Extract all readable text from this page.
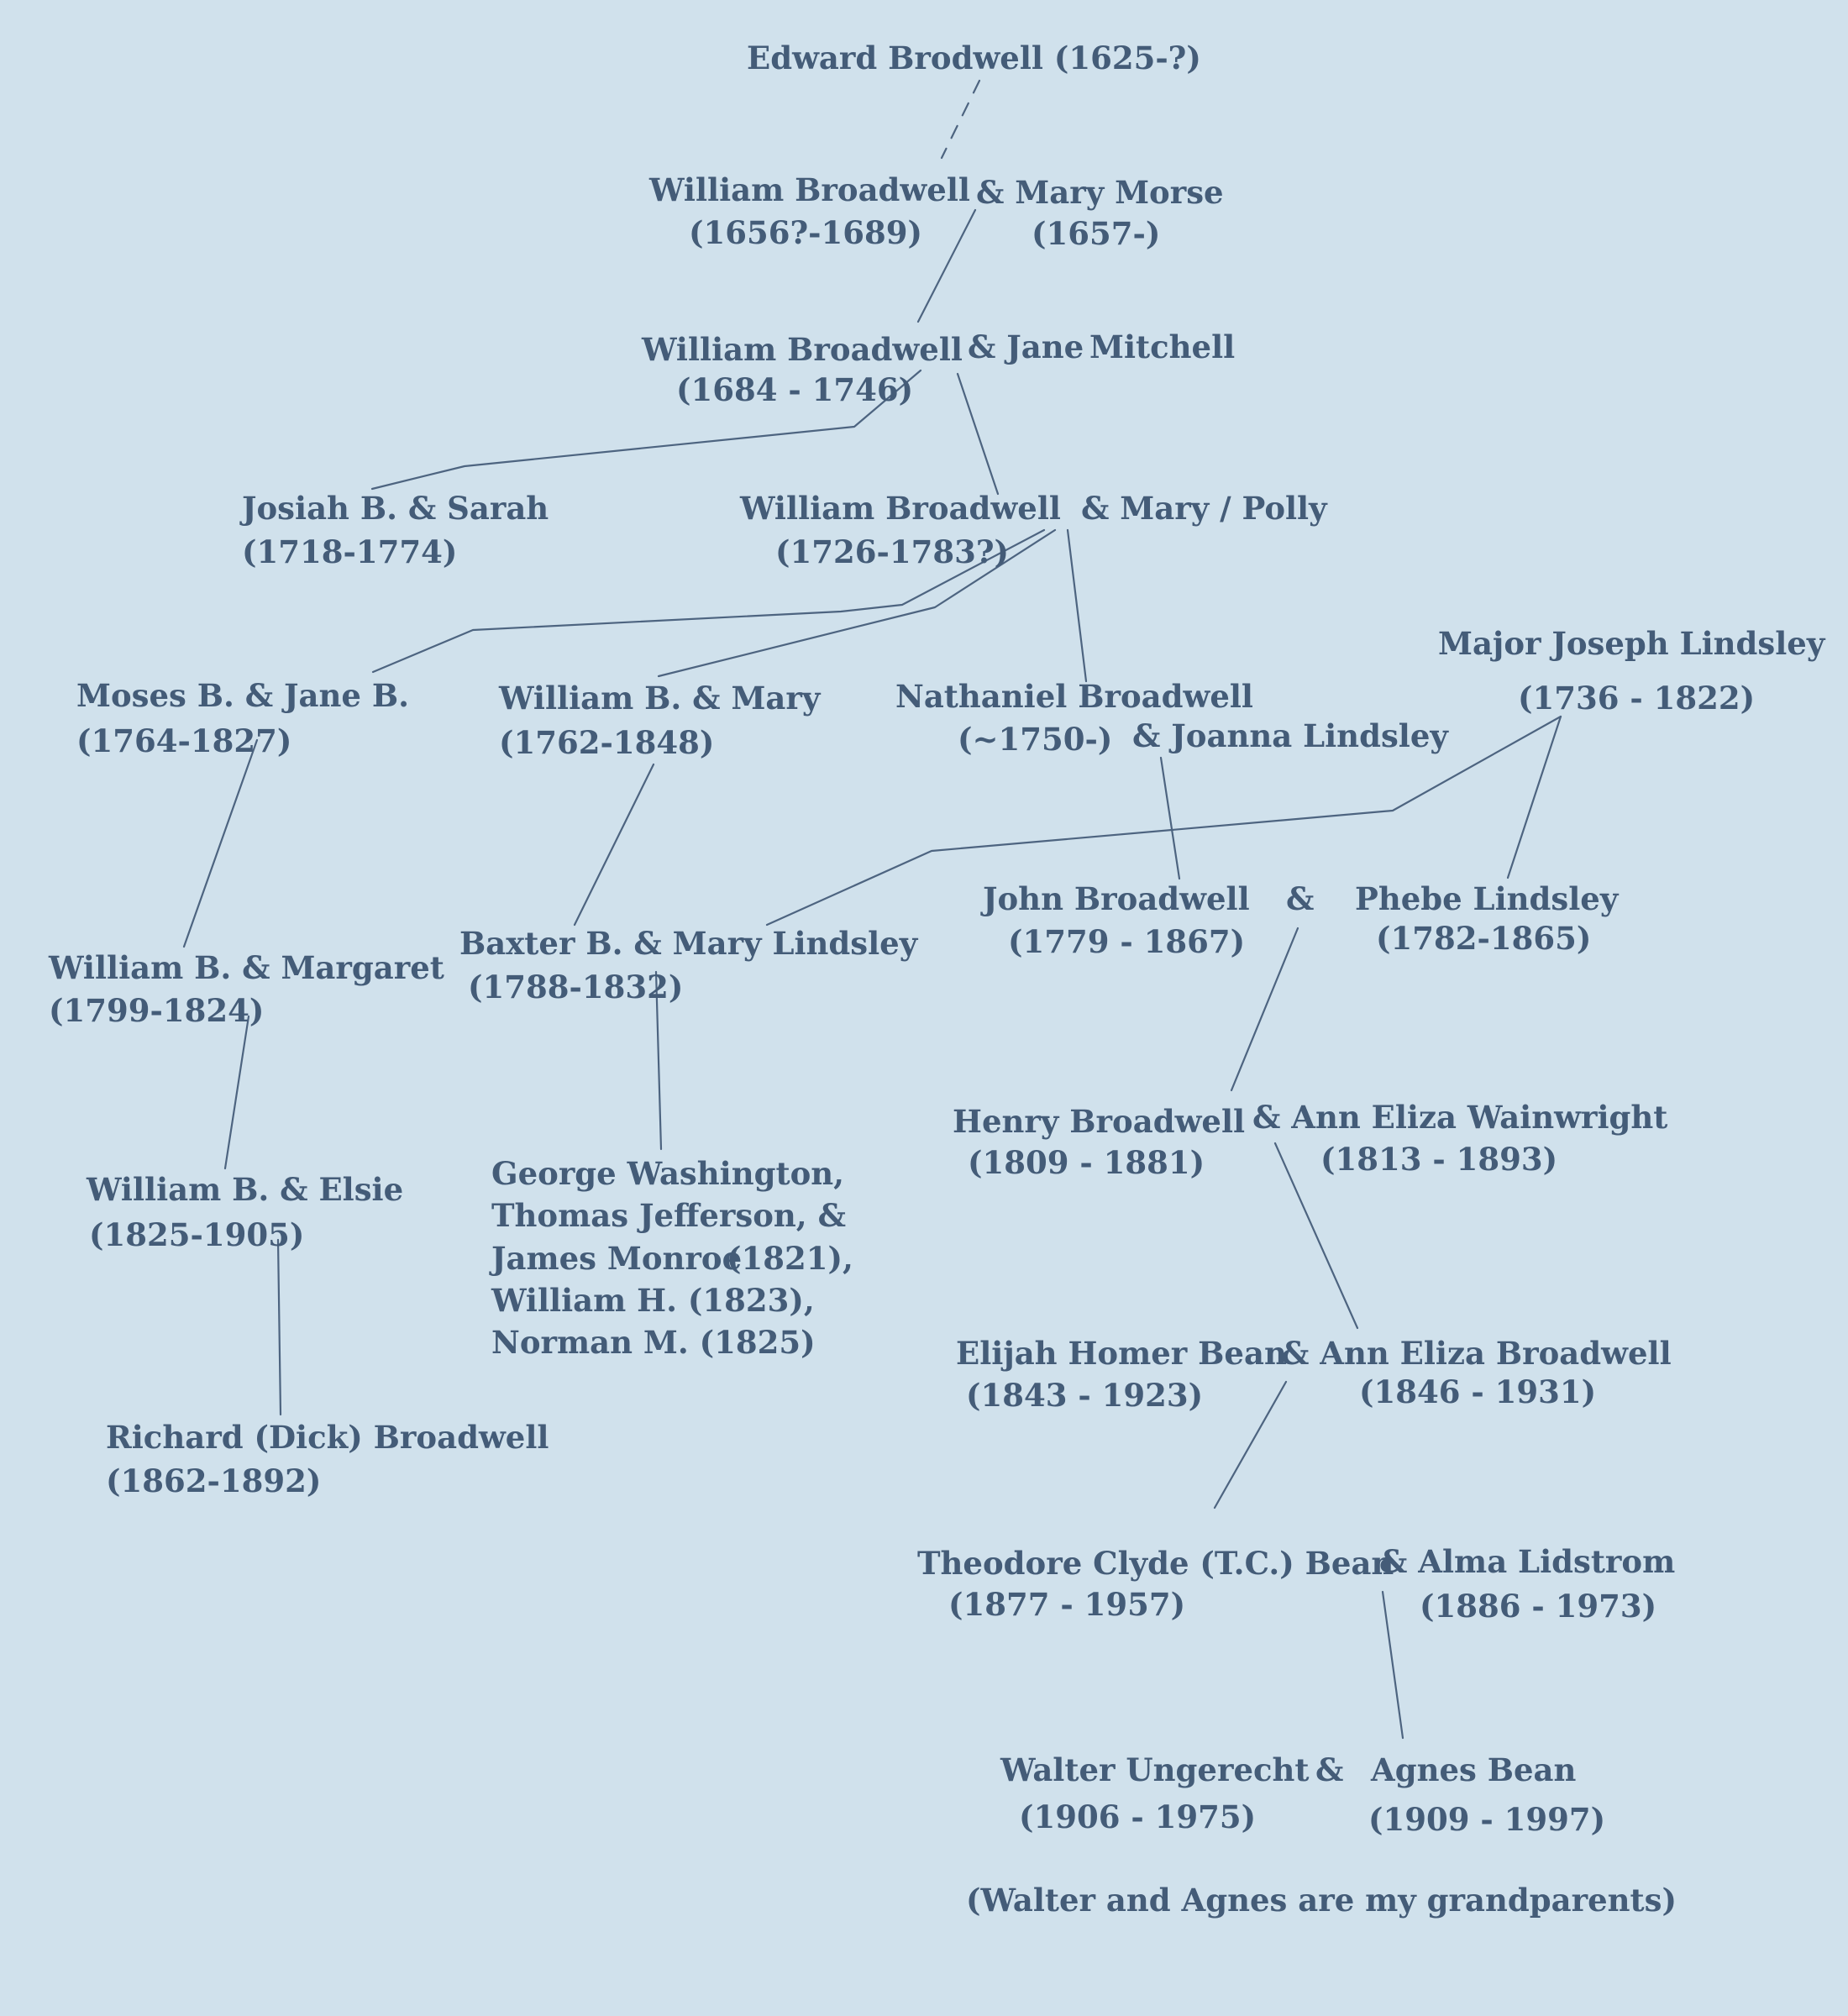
Edward Brodwell (1625-?)
William Broadwell
(1656?-1689)
& Mary Morse
(1657-)
William Broadwell
(1684 - 1746)
& Jane Mitchell
Josiah B. & Sarah
(1718-1774)
William Broadwell
(1726-1783?)
& Mary / Polly
Moses B. & Jane B.
(1764-1827)
William B. & Mary
(1762-1848)
Nathaniel Broadwell
(~1750-) & Joanna Lindsley
Major Joseph Lindsley
(1736 - 1822)
William B. & Margaret
(1799-1824)
Baxter B. & Mary Lindsley
(1788-1832)
John Broadwell
(1779 - 1867)
& Phebe Lindsley
(1782-1865)
Henry Broadwell
(1809 - 1881)
& Ann Eliza Wainwright
(1813 - 1893)
William B. & Elsie
(1825-1905)
George Washington,
Thomas Jefferson, &
James Monroe
(1821),
William H. (1823),
Norman M. (1825)	Elijah Homer Bean
(1843 - 1923)
& Ann Eliza Broadwell
(1846 - 1931)
Richard (Dick) Broadwell
(1862-1892)
Theodore Clyde (T.C.) Bean
(1877 - 1957)
& Alma Lidstrom
(1886 - 1973)
Walter Ungerecht
(1906 - 1975)
& Agnes Bean
(1909 - 1997)
(Walter and Agnes are my grandparents)
